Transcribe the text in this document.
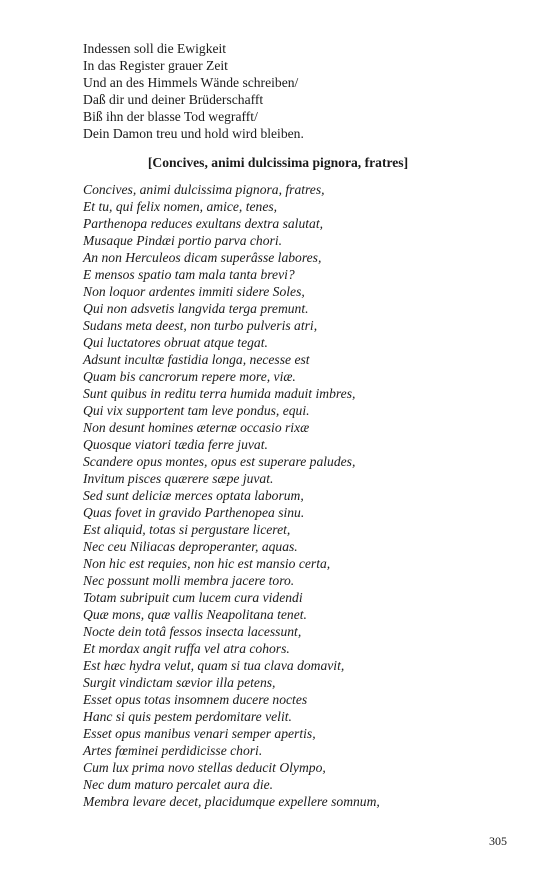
Indessen soll die Ewigkeit
In das Register grauer Zeit
Und an des Himmels Wände schreiben/
Daß dir und deiner Brüderschafft
Biß ihn der blasse Tod wegrafft/
Dein Damon treu und hold wird bleiben.
[Concives, animi dulcissima pignora, fratres]
Concives, animi dulcissima pignora, fratres,
Et tu, qui felix nomen, amice, tenes,
Parthenopa reduces exultans dextra salutat,
Musaque Pindæi portio parva chori.
An non Herculeos dicam superâsse labores,
E mensos spatio tam mala tanta brevi?
Non loquor ardentes immiti sidere Soles,
Qui non adsvetis langvida terga premunt.
Sudans meta deest, non turbo pulveris atri,
Qui luctatores obruat atque tegat.
Adsunt incultæ fastidia longa, necesse est
Quam bis cancrorum repere more, viæ.
Sunt quibus in reditu terra humida maduit imbres,
Qui vix supportent tam leve pondus, equi.
Non desunt homines æternæ occasio rixæ
Quosque viatori tædia ferre juvat.
Scandere opus montes, opus est superare paludes,
Invitum pisces quærere sæpe juvat.
Sed sunt deliciæ merces optata laborum,
Quas fovet in gravido Parthenopea sinu.
Est aliquid, totas si pergustare liceret,
Nec ceu Niliacas deproperanter, aquas.
Non hic est requies, non hic est mansio certa,
Nec possunt molli membra jacere toro.
Totam subripuit cum lucem cura videndi
Quæ mons, quæ vallis Neapolitana tenet.
Nocte dein totâ fessos insecta lacessunt,
Et mordax angit ruffa vel atra cohors.
Est hæc hydra velut, quam si tua clava domavit,
Surgit vindictam sævior illa petens,
Esset opus totas insomnem ducere noctes
Hanc si quis pestem perdomitare velit.
Esset opus manibus venari semper apertis,
Artes fœminei perdidicisse chori.
Cum lux prima novo stellas deducit Olympo,
Nec dum maturo percalet aura die.
Membra levare decet, placidumque expellere somnum,
305
